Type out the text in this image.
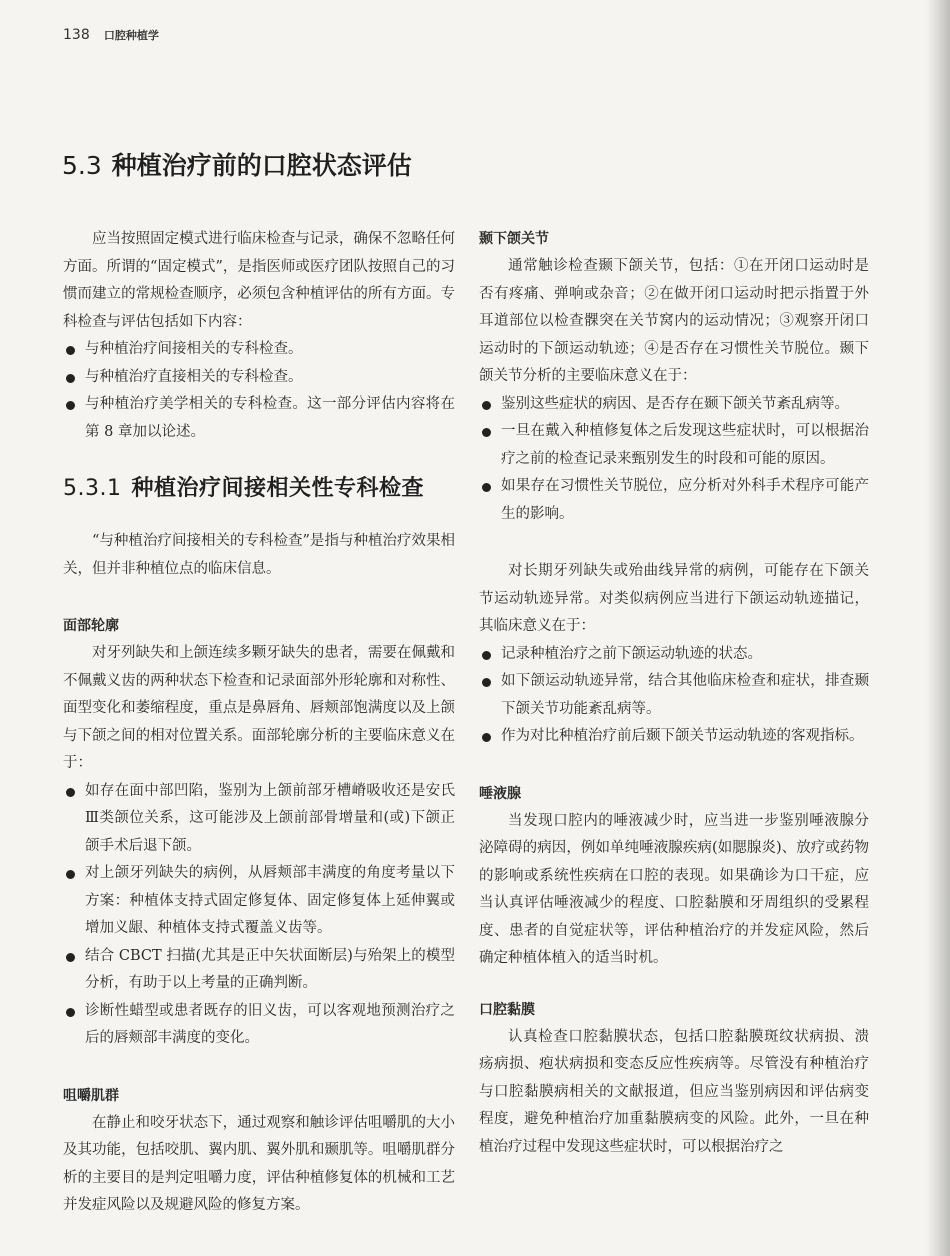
138 口腔种植学
5.3 种植治疗前的口腔状态评估

应当按照固定模式进行临床检查与记录，确保不忽略任何方面。所谓的“固定模式”，是指医师或医疗团队按照自己的习惯而建立的常规检查顺序，必须包含种植评估的所有方面。专科检查与评估包括如下内容：

与种植治疗间接相关的专科检查。
与种植治疗直接相关的专科检查。
与种植治疗美学相关的专科检查。这一部分评估内容将在第 8 章加以论述。
5.3.1 种植治疗间接相关性专科检查

“与种植治疗间接相关的专科检查”是指与种植治疗效果相关，但并非种植位点的临床信息。

面部轮廓

对牙列缺失和上颌连续多颗牙缺失的患者，需要在佩戴和不佩戴义齿的两种状态下检查和记录面部外形轮廓和对称性、面型变化和萎缩程度，重点是鼻唇角、唇颊部饱满度以及上颌与下颌之间的相对位置关系。面部轮廓分析的主要临床意义在于：

如存在面中部凹陷，鉴别为上颌前部牙槽嵴吸收还是安氏Ⅲ类颌位关系，这可能涉及上颌前部骨增量和(或)下颌正颌手术后退下颌。
对上颌牙列缺失的病例，从唇颊部丰满度的角度考量以下方案：种植体支持式固定修复体、固定修复体上延伸翼或增加义龈、种植体支持式覆盖义齿等。
结合 CBCT 扫描(尤其是正中矢状面断层)与殆架上的模型分析，有助于以上考量的正确判断。
诊断性蜡型或患者既存的旧义齿，可以客观地预测治疗之后的唇颊部丰满度的变化。
咀嚼肌群

在静止和咬牙状态下，通过观察和触诊评估咀嚼肌的大小及其功能，包括咬肌、翼内肌、翼外肌和颞肌等。咀嚼肌群分析的主要目的是判定咀嚼力度，评估种植修复体的机械和工艺并发症风险以及规避风险的修复方案。

颞下颌关节

通常触诊检查颞下颌关节，包括：①在开闭口运动时是否有疼痛、弹响或杂音；②在做开闭口运动时把示指置于外耳道部位以检查髁突在关节窝内的运动情况；③观察开闭口运动时的下颌运动轨迹；④是否存在习惯性关节脱位。颞下颌关节分析的主要临床意义在于：

鉴别这些症状的病因、是否存在颞下颌关节紊乱病等。
一旦在戴入种植修复体之后发现这些症状时，可以根据治疗之前的检查记录来甄别发生的时段和可能的原因。
如果存在习惯性关节脱位，应分析对外科手术程序可能产生的影响。

对长期牙列缺失或殆曲线异常的病例，可能存在下颌关节运动轨迹异常。对类似病例应当进行下颌运动轨迹描记，其临床意义在于：

记录种植治疗之前下颌运动轨迹的状态。
如下颌运动轨迹异常，结合其他临床检查和症状，排查颞下颌关节功能紊乱病等。
作为对比种植治疗前后颞下颌关节运动轨迹的客观指标。
唾液腺

当发现口腔内的唾液减少时，应当进一步鉴别唾液腺分泌障碍的病因，例如单纯唾液腺疾病(如腮腺炎)、放疗或药物的影响或系统性疾病在口腔的表现。如果确诊为口干症，应当认真评估唾液减少的程度、口腔黏膜和牙周组织的受累程度、患者的自觉症状等，评估种植治疗的并发症风险，然后确定种植体植入的适当时机。

口腔黏膜

认真检查口腔黏膜状态，包括口腔黏膜斑纹状病损、溃疡病损、疱状病损和变态反应性疾病等。尽管没有种植治疗与口腔黏膜病相关的文献报道，但应当鉴别病因和评估病变程度，避免种植治疗加重黏膜病变的风险。此外，一旦在种植治疗过程中发现这些症状时，可以根据治疗之
